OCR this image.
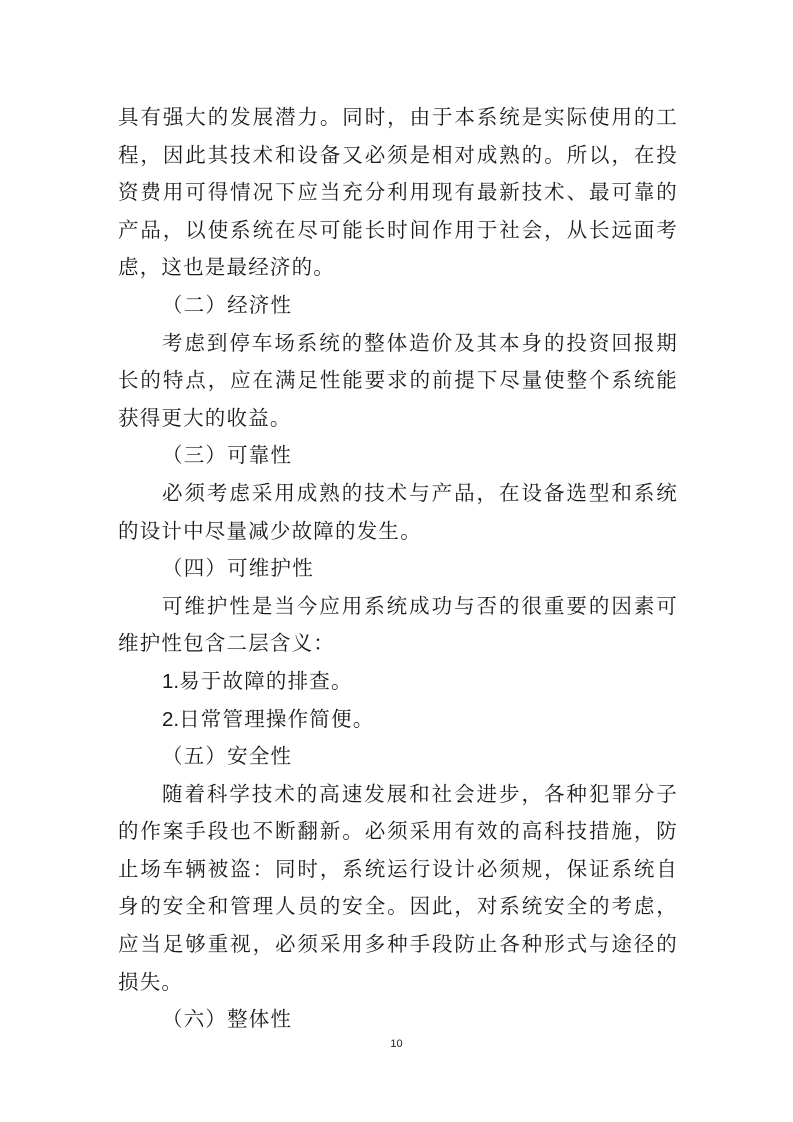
具有强大的发展潜力。同时，由于本系统是实际使用的工程，因此其技术和设备又必须是相对成熟的。所以，在投资费用可得情况下应当充分利用现有最新技术、最可靠的产品，以使系统在尽可能长时间作用于社会，从长远面考虑，这也是最经济的。

（二）经济性

考虑到停车场系统的整体造价及其本身的投资回报期长的特点，应在满足性能要求的前提下尽量使整个系统能获得更大的收益。

（三）可靠性

必须考虑采用成熟的技术与产品，在设备选型和系统的设计中尽量减少故障的发生。

（四）可维护性

可维护性是当今应用系统成功与否的很重要的因素可维护性包含二层含义：

1.易于故障的排查。

2.日常管理操作简便。

（五）安全性

随着科学技术的高速发展和社会进步，各种犯罪分子的作案手段也不断翻新。必须采用有效的高科技措施，防止场车辆被盗：同时，系统运行设计必须规，保证系统自身的安全和管理人员的安全。因此，对系统安全的考虑，应当足够重视，必须采用多种手段防止各种形式与途径的损失。

（六）整体性

10
